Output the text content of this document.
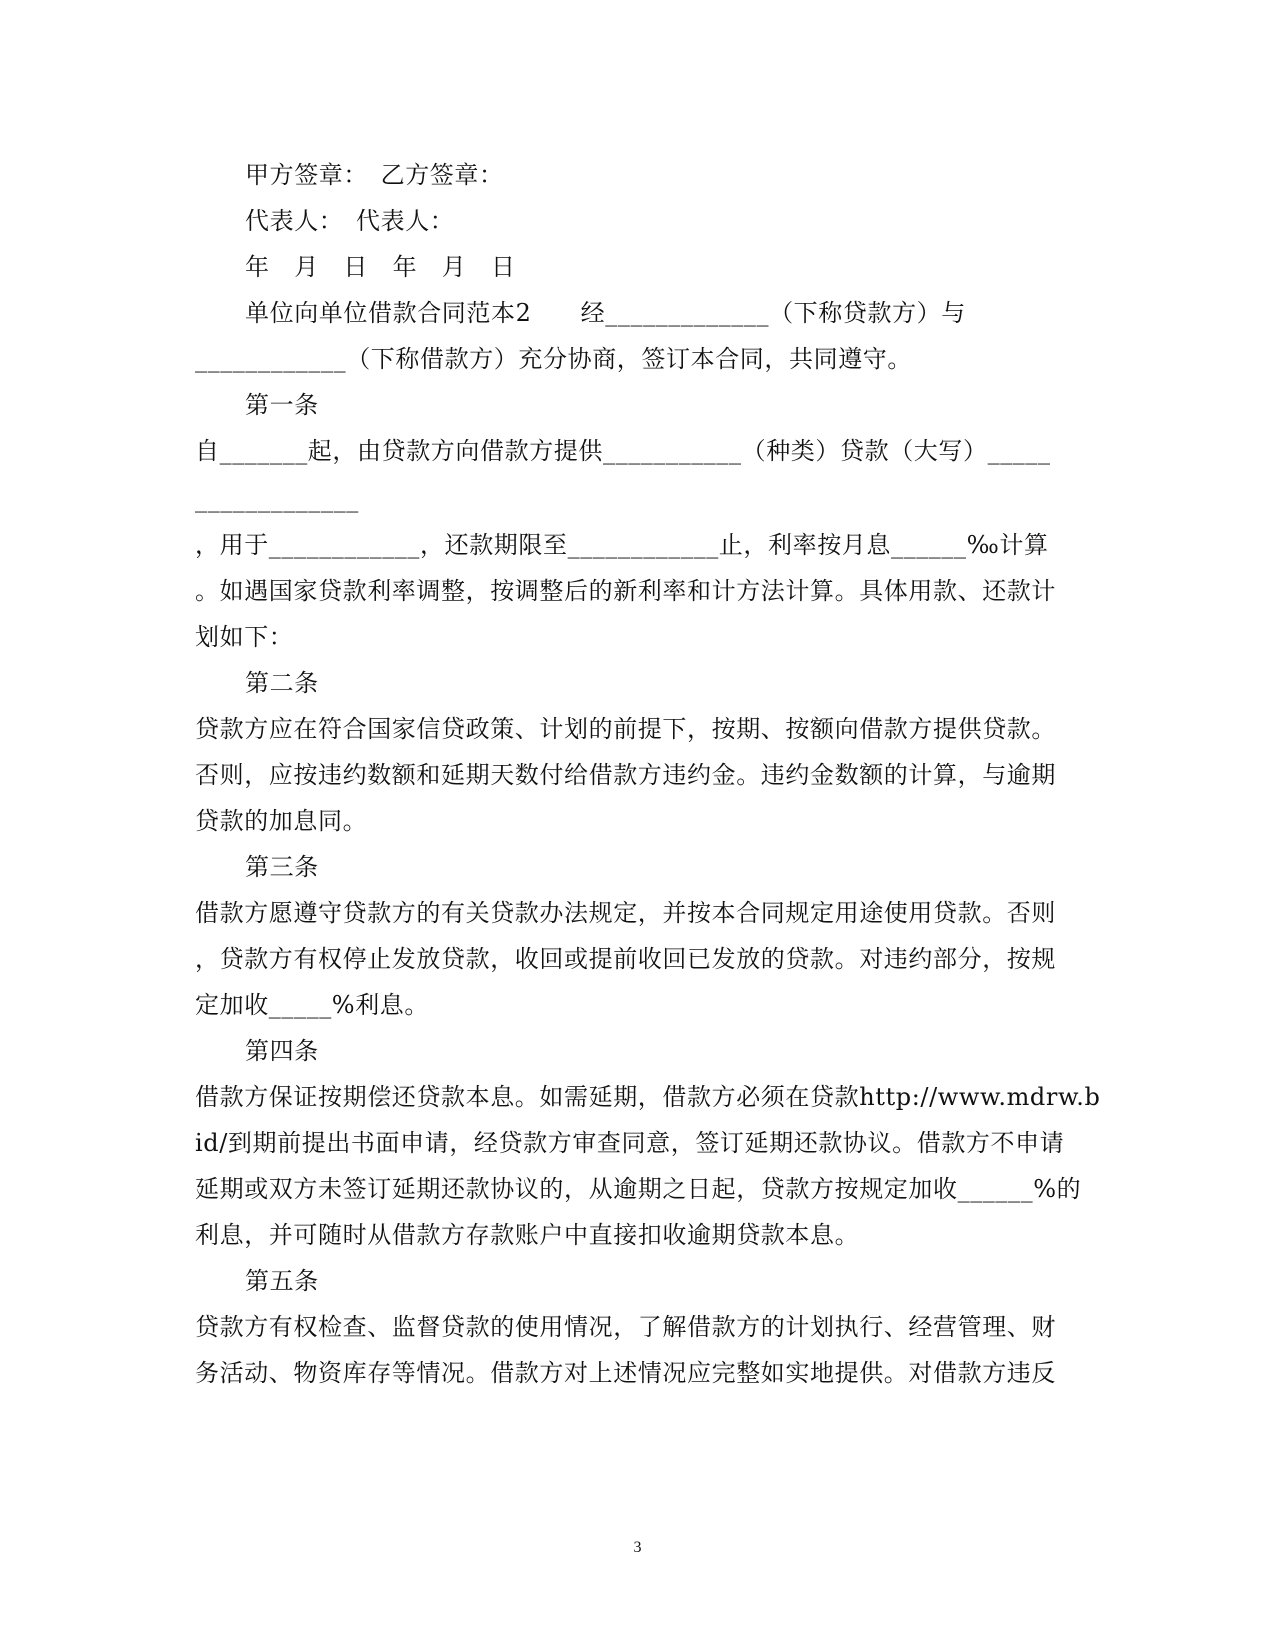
甲方签章：　乙方签章：
代表人：　代表人：
年　月　日　年　月　日
单位向单位借款合同范本2　　经_____________（下称贷款方）与
____________（下称借款方）充分协商，签订本合同，共同遵守。
第一条
自_______起，由贷款方向借款方提供___________（种类）贷款（大写）_____
_____________
，用于____________，还款期限至____________止，利率按月息______‰计算
。如遇国家贷款利率调整，按调整后的新利率和计方法计算。具体用款、还款计
划如下：
第二条
贷款方应在符合国家信贷政策、计划的前提下，按期、按额向借款方提供贷款。
否则，应按违约数额和延期天数付给借款方违约金。违约金数额的计算，与逾期
贷款的加息同。
第三条
借款方愿遵守贷款方的有关贷款办法规定，并按本合同规定用途使用贷款。否则
，贷款方有权停止发放贷款，收回或提前收回已发放的贷款。对违约部分，按规
定加收_____%利息。
第四条
借款方保证按期偿还贷款本息。如需延期，借款方必须在贷款http://www.mdrw.b
id/到期前提出书面申请，经贷款方审查同意，签订延期还款协议。借款方不申请
延期或双方未签订延期还款协议的，从逾期之日起，贷款方按规定加收______%的
利息，并可随时从借款方存款账户中直接扣收逾期贷款本息。
第五条
贷款方有权检查、监督贷款的使用情况，了解借款方的计划执行、经营管理、财
务活动、物资库存等情况。借款方对上述情况应完整如实地提供。对借款方违反
3
